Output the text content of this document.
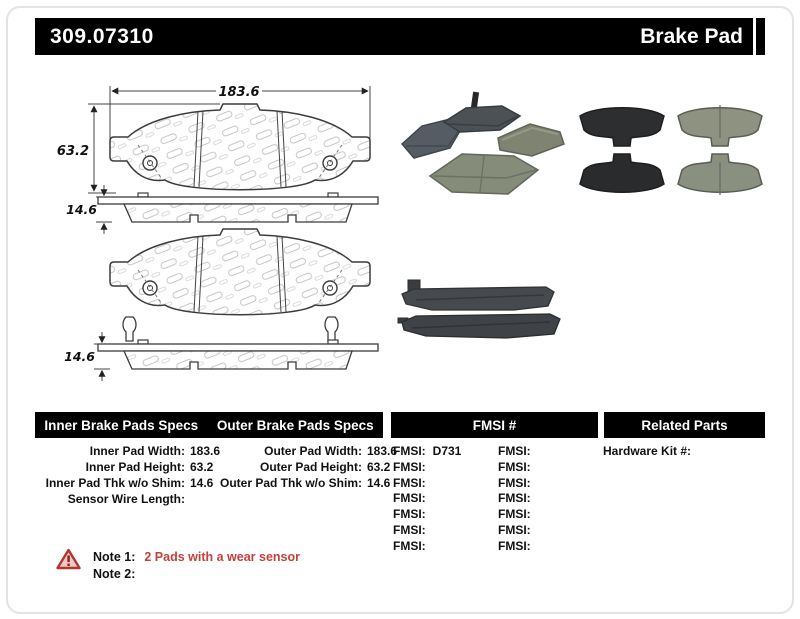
309.07310	Brake Pad
183.6
63.2
14.6
14.6
Inner Brake Pads Specs Outer Brake Pads Specs	FMSI #	Related Parts
Inner Pad Width: 183.6
Inner Pad Height: 63.2
Inner Pad Thk w/o Shim: 14.6
Sensor Wire Length:
Outer Pad Width: 183.6
Outer Pad Height: 63.2
Outer Pad Thk w/o Shim: 14.6
FMSI: D731
FMSI:
FMSI:
FMSI:
FMSI:
FMSI:
FMSI:
FMSI:
FMSI:
FMSI:
FMSI:
FMSI:
FMSI:
FMSI:
Hardware Kit #:
Note 1: 2 Pads with a wear sensor
Note 2:
